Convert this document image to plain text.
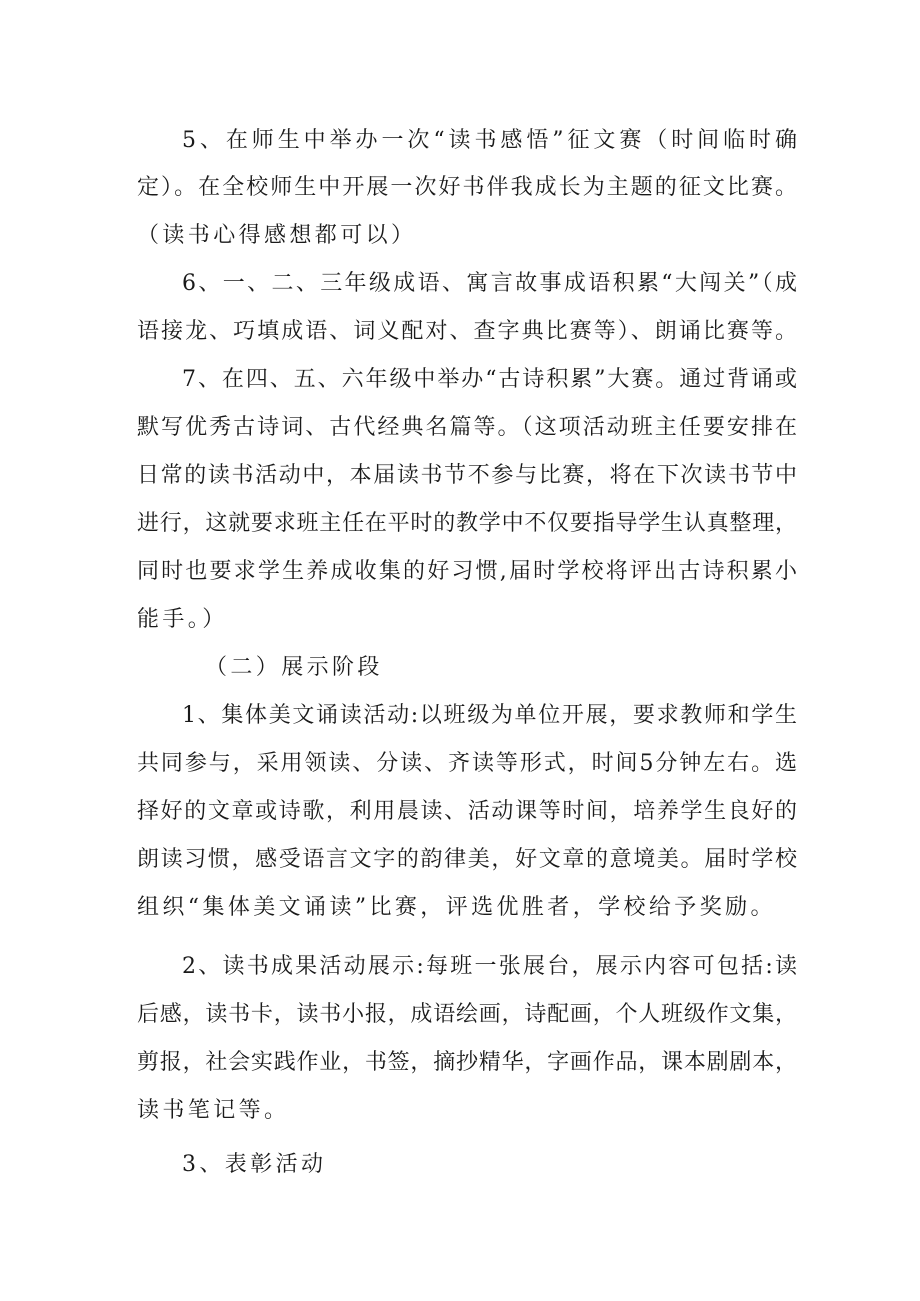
5、在师生中举办一次“读书感悟”征文赛（时间临时确
定）。在全校师生中开展一次好书伴我成长为主题的征文比赛。
（读书心得感想都可以）
6、一、二、三年级成语、寓言故事成语积累“大闯关”（成
语接龙、巧填成语、词义配对、查字典比赛等）、朗诵比赛等。
7、在四、五、六年级中举办“古诗积累”大赛。通过背诵或
默写优秀古诗词、古代经典名篇等。（这项活动班主任要安排在
日常的读书活动中，本届读书节不参与比赛，将在下次读书节中
进行，这就要求班主任在平时的教学中不仅要指导学生认真整理，
同时也要求学生养成收集的好习惯,届时学校将评出古诗积累小
能手。）
（二）展示阶段
1、集体美文诵读活动:以班级为单位开展，要求教师和学生
共同参与，采用领读、分读、齐读等形式，时间5分钟左右。选
择好的文章或诗歌，利用晨读、活动课等时间，培养学生良好的
朗读习惯，感受语言文字的韵律美，好文章的意境美。届时学校
组织“集体美文诵读”比赛，评选优胜者，学校给予奖励。
2、读书成果活动展示:每班一张展台，展示内容可包括:读
后感，读书卡，读书小报，成语绘画，诗配画，个人班级作文集，
剪报，社会实践作业，书签，摘抄精华，字画作品，课本剧剧本，
读书笔记等。
3、表彰活动
